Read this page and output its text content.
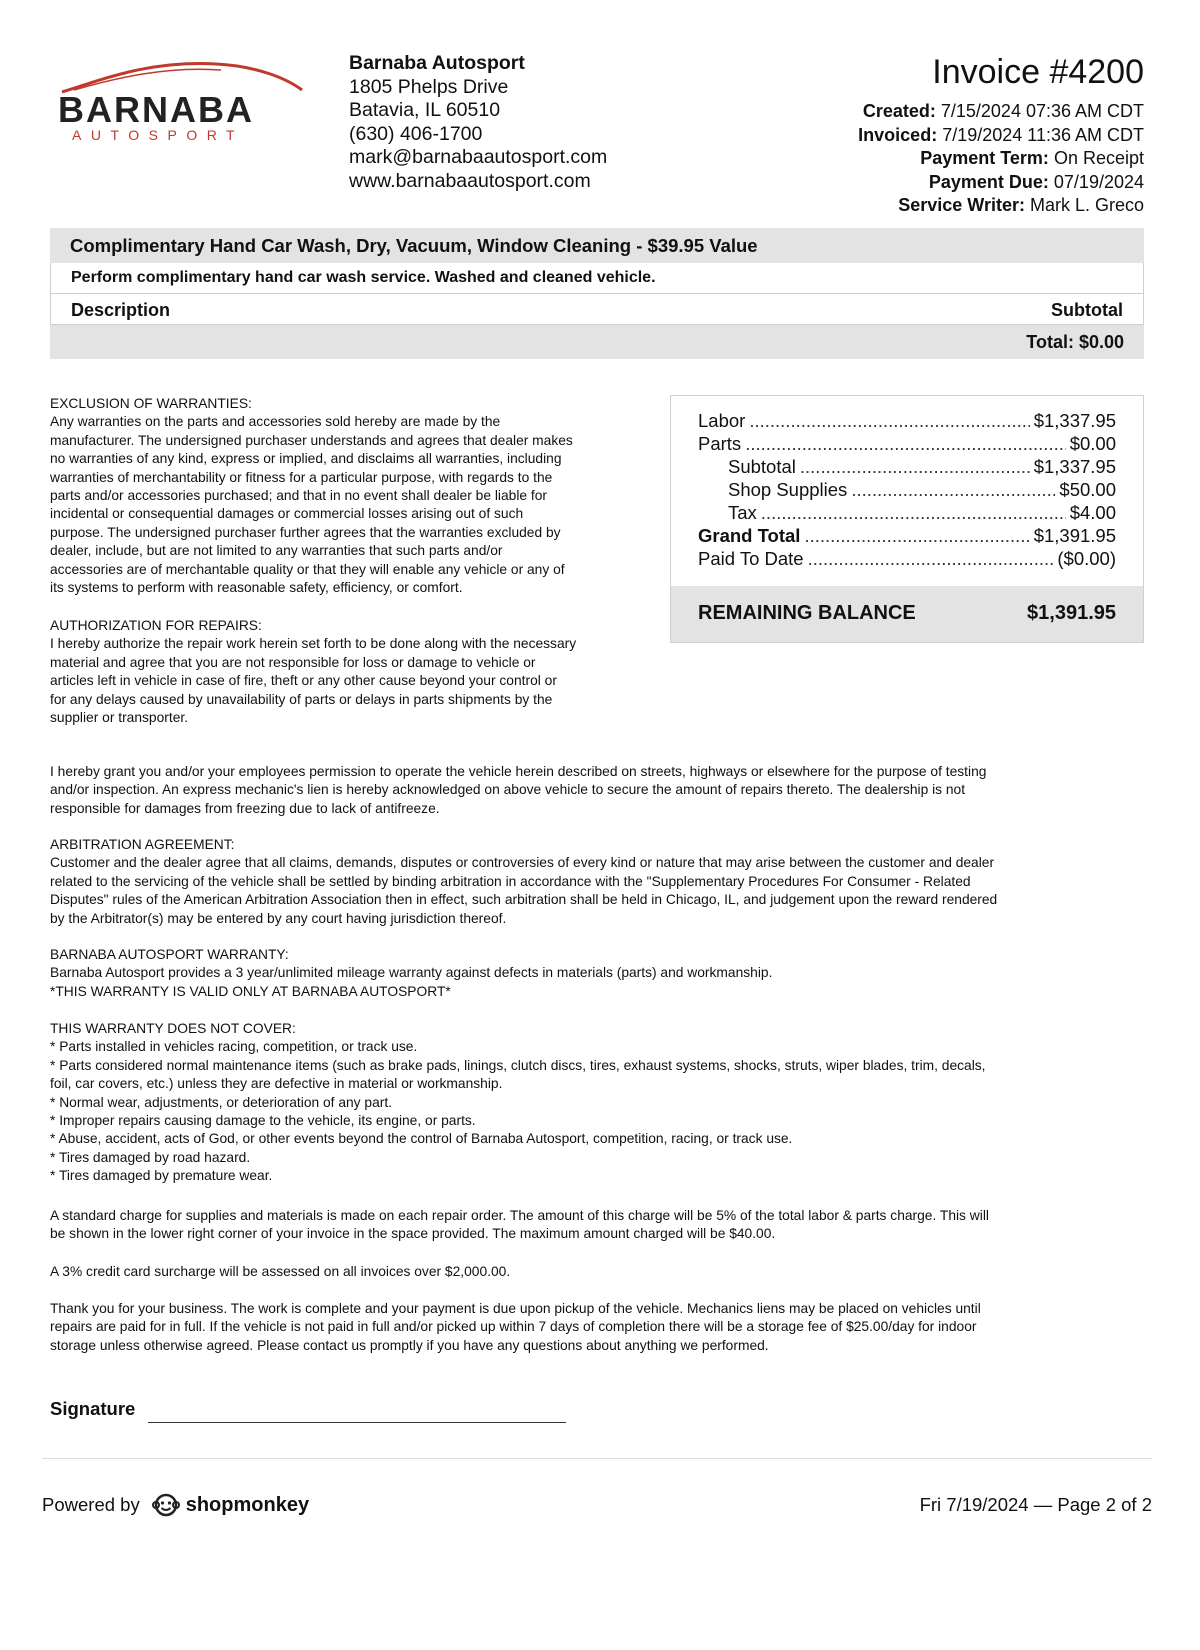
BARNABA
AUTOSPORT
Barnaba Autosport
1805 Phelps Drive
Batavia, IL 60510
(630) 406-1700
mark@barnabaautosport.com
www.barnabaautosport.com
Invoice #4200
Created: 7/15/2024 07:36 AM CDT
Invoiced: 7/19/2024 11:36 AM CDT
Payment Term: On Receipt
Payment Due: 07/19/2024
Service Writer: Mark L. Greco
Complimentary Hand Car Wash, Dry, Vacuum, Window Cleaning - $39.95 Value
Perform complimentary hand car wash service. Washed and cleaned vehicle.
Description	Subtotal
Total: $0.00
Labor .....	$1,337.95
Parts .....	$0.00
Subtotal .....	$1,337.95
Shop Supplies .....	$50.00
Tax .....	$4.00
Grand Total .....	$1,391.95
Paid To Date .....	($0.00)
REMAINING BALANCE	$1,391.95
EXCLUSION OF WARRANTIES:
Any warranties on the parts and accessories sold hereby are made by the
manufacturer. The undersigned purchaser understands and agrees that dealer makes
no warranties of any kind, express or implied, and disclaims all warranties, including
warranties of merchantability or fitness for a particular purpose, with regards to the
parts and/or accessories purchased; and that in no event shall dealer be liable for
incidental or consequential damages or commercial losses arising out of such
purpose. The undersigned purchaser further agrees that the warranties excluded by
dealer, include, but are not limited to any warranties that such parts and/or
accessories are of merchantable quality or that they will enable any vehicle or any of
its systems to perform with reasonable safety, efficiency, or comfort.
AUTHORIZATION FOR REPAIRS:
I hereby authorize the repair work herein set forth to be done along with the necessary
material and agree that you are not responsible for loss or damage to vehicle or
articles left in vehicle in case of fire, theft or any other cause beyond your control or
for any delays caused by unavailability of parts or delays in parts shipments by the
supplier or transporter.
I hereby grant you and/or your employees permission to operate the vehicle herein described on streets, highways or elsewhere for the purpose of testing
and/or inspection. An express mechanic's lien is hereby acknowledged on above vehicle to secure the amount of repairs thereto. The dealership is not
responsible for damages from freezing due to lack of antifreeze.
ARBITRATION AGREEMENT:
Customer and the dealer agree that all claims, demands, disputes or controversies of every kind or nature that may arise between the customer and dealer
related to the servicing of the vehicle shall be settled by binding arbitration in accordance with the "Supplementary Procedures For Consumer - Related
Disputes" rules of the American Arbitration Association then in effect, such arbitration shall be held in Chicago, IL, and judgement upon the reward rendered
by the Arbitrator(s) may be entered by any court having jurisdiction thereof.
BARNABA AUTOSPORT WARRANTY:
Barnaba Autosport provides a 3 year/unlimited mileage warranty against defects in materials (parts) and workmanship.
*THIS WARRANTY IS VALID ONLY AT BARNABA AUTOSPORT*
THIS WARRANTY DOES NOT COVER:
* Parts installed in vehicles racing, competition, or track use.
* Parts considered normal maintenance items (such as brake pads, linings, clutch discs, tires, exhaust systems, shocks, struts, wiper blades, trim, decals,
foil, car covers, etc.) unless they are defective in material or workmanship.
* Normal wear, adjustments, or deterioration of any part.
* Improper repairs causing damage to the vehicle, its engine, or parts.
* Abuse, accident, acts of God, or other events beyond the control of Barnaba Autosport, competition, racing, or track use.
* Tires damaged by road hazard.
* Tires damaged by premature wear.
A standard charge for supplies and materials is made on each repair order. The amount of this charge will be 5% of the total labor & parts charge. This will
be shown in the lower right corner of your invoice in the space provided. The maximum amount charged will be $40.00.
A 3% credit card surcharge will be assessed on all invoices over $2,000.00.
Thank you for your business. The work is complete and your payment is due upon pickup of the vehicle. Mechanics liens may be placed on vehicles until
repairs are paid for in full. If the vehicle is not paid in full and/or picked up within 7 days of completion there will be a storage fee of $25.00/day for indoor
storage unless otherwise agreed. Please contact us promptly if you have any questions about anything we performed.
Signature
Powered by shopmonkey	Fri 7/19/2024 — Page 2 of 2
